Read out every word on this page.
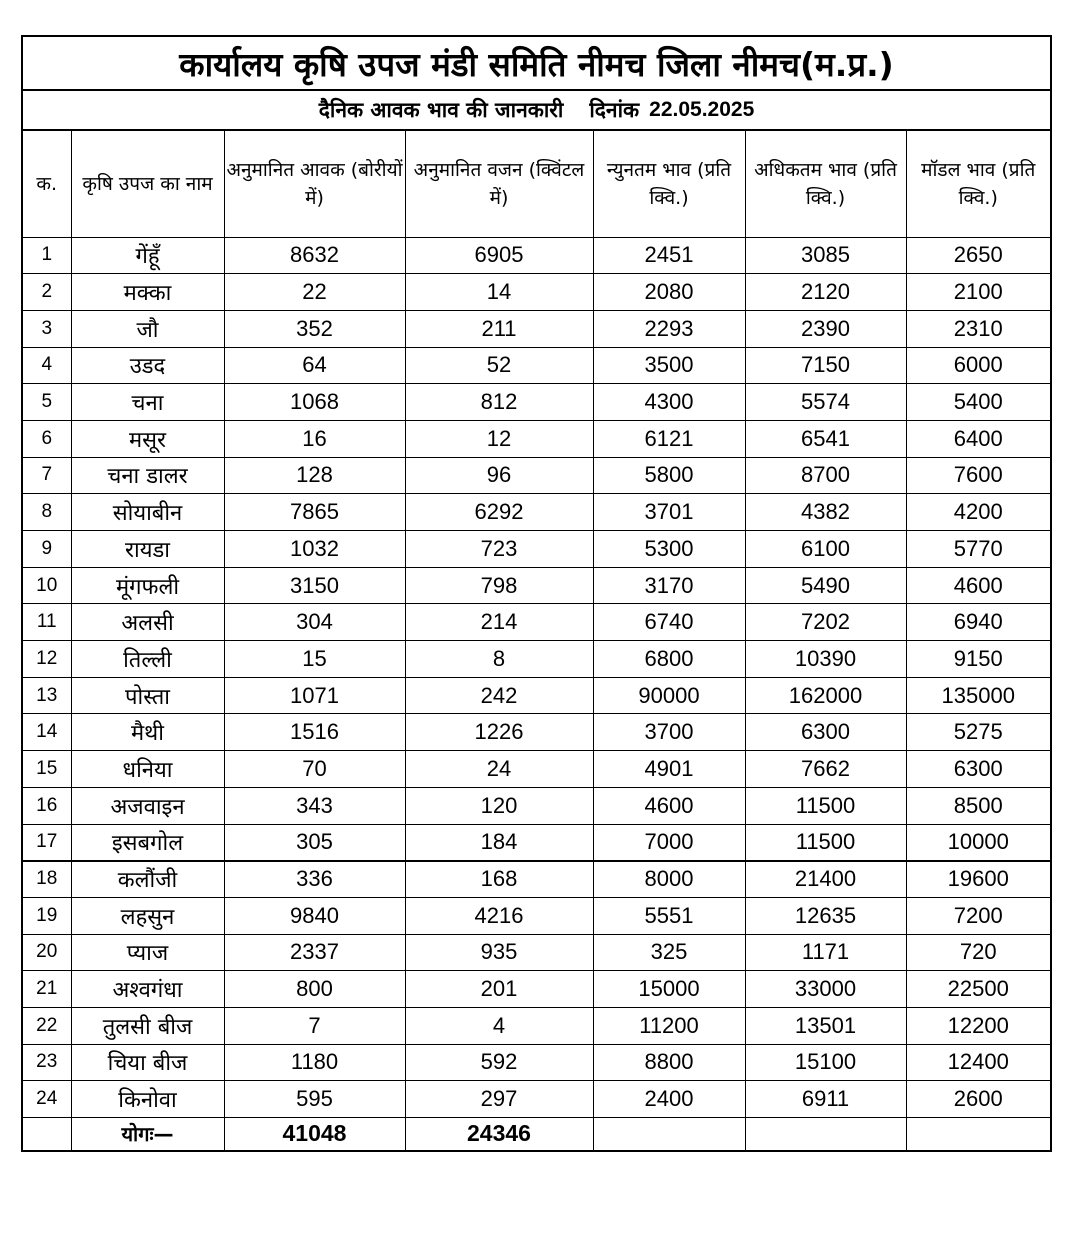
कार्यालय कृषि उपज मंडी समिति नीमच जिला नीमच(म.प्र.)
दैनिक आवक भाव की जानकारी दिनांक 22.05.2025
क.	कृषि उपज का नाम	अनुमानित आवक (बोरीयों में)	अनुमानित वजन (क्विंटल में)	न्युनतम भाव (प्रति क्वि.)	अधिकतम भाव (प्रति क्वि.)	मॉडल भाव (प्रति क्वि.)
1	गेंहूँ	8632	6905	2451	3085	2650
2	मक्का	22	14	2080	2120	2100
3	जौ	352	211	2293	2390	2310
4	उडद	64	52	3500	7150	6000
5	चना	1068	812	4300	5574	5400
6	मसूर	16	12	6121	6541	6400
7	चना डालर	128	96	5800	8700	7600
8	सोयाबीन	7865	6292	3701	4382	4200
9	रायडा	1032	723	5300	6100	5770
10	मूंगफली	3150	798	3170	5490	4600
11	अलसी	304	214	6740	7202	6940
12	तिल्ली	15	8	6800	10390	9150
13	पोस्ता	1071	242	90000	162000	135000
14	मैथी	1516	1226	3700	6300	5275
15	धनिया	70	24	4901	7662	6300
16	अजवाइन	343	120	4600	11500	8500
17	इसबगोल	305	184	7000	11500	10000
18	कलौंजी	336	168	8000	21400	19600
19	लहसुन	9840	4216	5551	12635	7200
20	प्याज	2337	935	325	1171	720
21	अश्वगंधा	800	201	15000	33000	22500
22	तुलसी बीज	7	4	11200	13501	12200
23	चिया बीज	1180	592	8800	15100	12400
24	किनोवा	595	297	2400	6911	2600
	योगः—	41048	24346			
